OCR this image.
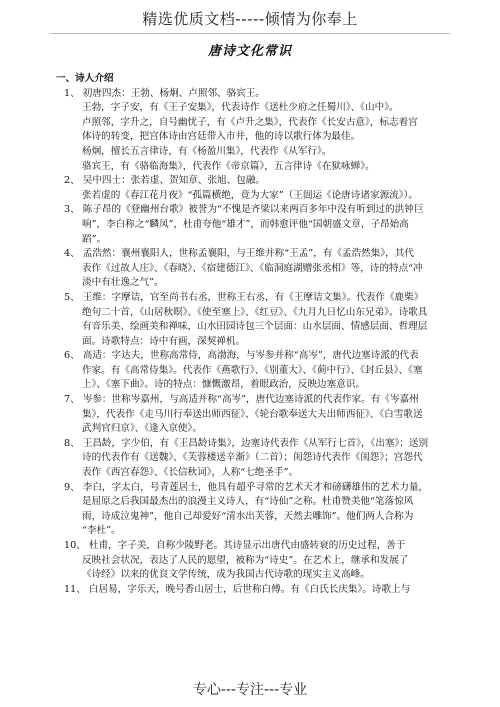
精选优质文档-----倾情为你奉上
唐诗文化常识
一、诗人介绍
1、 初唐四杰：王勃、杨炯、卢照邻、骆宾王。
王勃，字子安，有《王子安集》，代表诗作《送杜少府之任蜀川》、《山中》。
卢照邻，字升之，自号幽忧子，有《卢升之集》，代表作《长安古意》，标志着宫
体诗的转变，把宫体诗由宫廷带入市井，他的诗以歌行体为最佳。
杨炯，擅长五言律诗，有《杨盈川集》，代表作《从军行》。
骆宾王，有《骆临海集》，代表作《帝京篇》，五言律诗《在狱咏蝉》。
2、 吴中四士：张若虚、贺知章、张旭、包融。
张若虚的《春江花月夜》“孤篇横绝，竟为大家”（王闿运《论唐诗诸家源流》）。
3、 陈子昂的《登幽州台歌》被誉为“不愧是齐梁以来两百多年中没有听到过的洪钟巨
响”，李白称之“麟凤”，杜甫夸他“雄才”，而韩愈评他“国朝盛文章，子昂始高
蹈”。
4、 孟浩然：襄州襄阳人，世称孟襄阳，与王维并称“王孟”，有《孟浩然集》，其代
表作《过故人庄》、《春晓》、《宿建德江》、《临洞庭湖赠张丞相》等，诗的特点“冲
淡中有壮逸之气”。
5、 王维：字摩诘，官至尚书右丞，世称王右丞，有《王摩诘文集》。代表作《鹿柴》
绝句二十首，《山居秋暝》、《使至塞上》、《红豆》、《九月九日忆山东兄弟》。诗歌具
有音乐美、绘画美和禅味，山水田园诗包三个层面：山水层面、情感层面、哲理层
面。诗歌特点：诗中有画，深契禅机。
6、 高适：字达夫，世称高常侍，高渤海，与岑参并称“高岑”，唐代边塞诗派的代表
作家。有《高常侍集》。代表作《燕歌行》、《别董大》、《蓟中行》、《封丘县》、《塞
上》、《塞下曲》。诗的特点：慷慨激昂，着眼政治，反映边塞意识。
7、 岑参：世称岑嘉州，与高适并称“高岑”，唐代边塞诗派的代表作家。有《岑嘉州
集》，代表作《走马川行奉送出师西征》、《轮台歌奉送大夫出师西征》、《白雪歌送
武判官归京》、《逢入京使》。
8、 王昌龄，字少伯，有《王昌龄诗集》，边塞诗代表作《从军行七首》，《出塞》；送别
诗的代表作有《送魏》、《芙蓉楼送辛渐》（二首）；闺怨诗代表作《闺怨》；宫怨代
表作《西宫春怨》、《长信秋词》，人称“七绝圣手”。
9、 李白，字太白，号青莲居士，他具有超乎寻常的艺术天才和磅礴雄伟的艺术力量，
是屈原之后我国最杰出的浪漫主义诗人，有“诗仙”之称。杜甫赞美他“笔落惊风
雨，诗成泣鬼神”，他自己却爱好“清水出芙蓉，天然去雕饰”。他们两人合称为
“李杜”。
10、 杜甫，字子美，自称少陵野老。其诗显示出唐代由盛转衰的历史过程，善于
反映社会状况，表达了人民的愿望，被称为“诗史”。在艺术上，继承和发展了
《诗经》以来的优良文学传统，成为我国古代诗歌的现实主义高峰。
11、 白居易，字乐天，晚号香山居士，后世称白傅。有《白氏长庆集》。诗歌上与
专心---专注---专业
